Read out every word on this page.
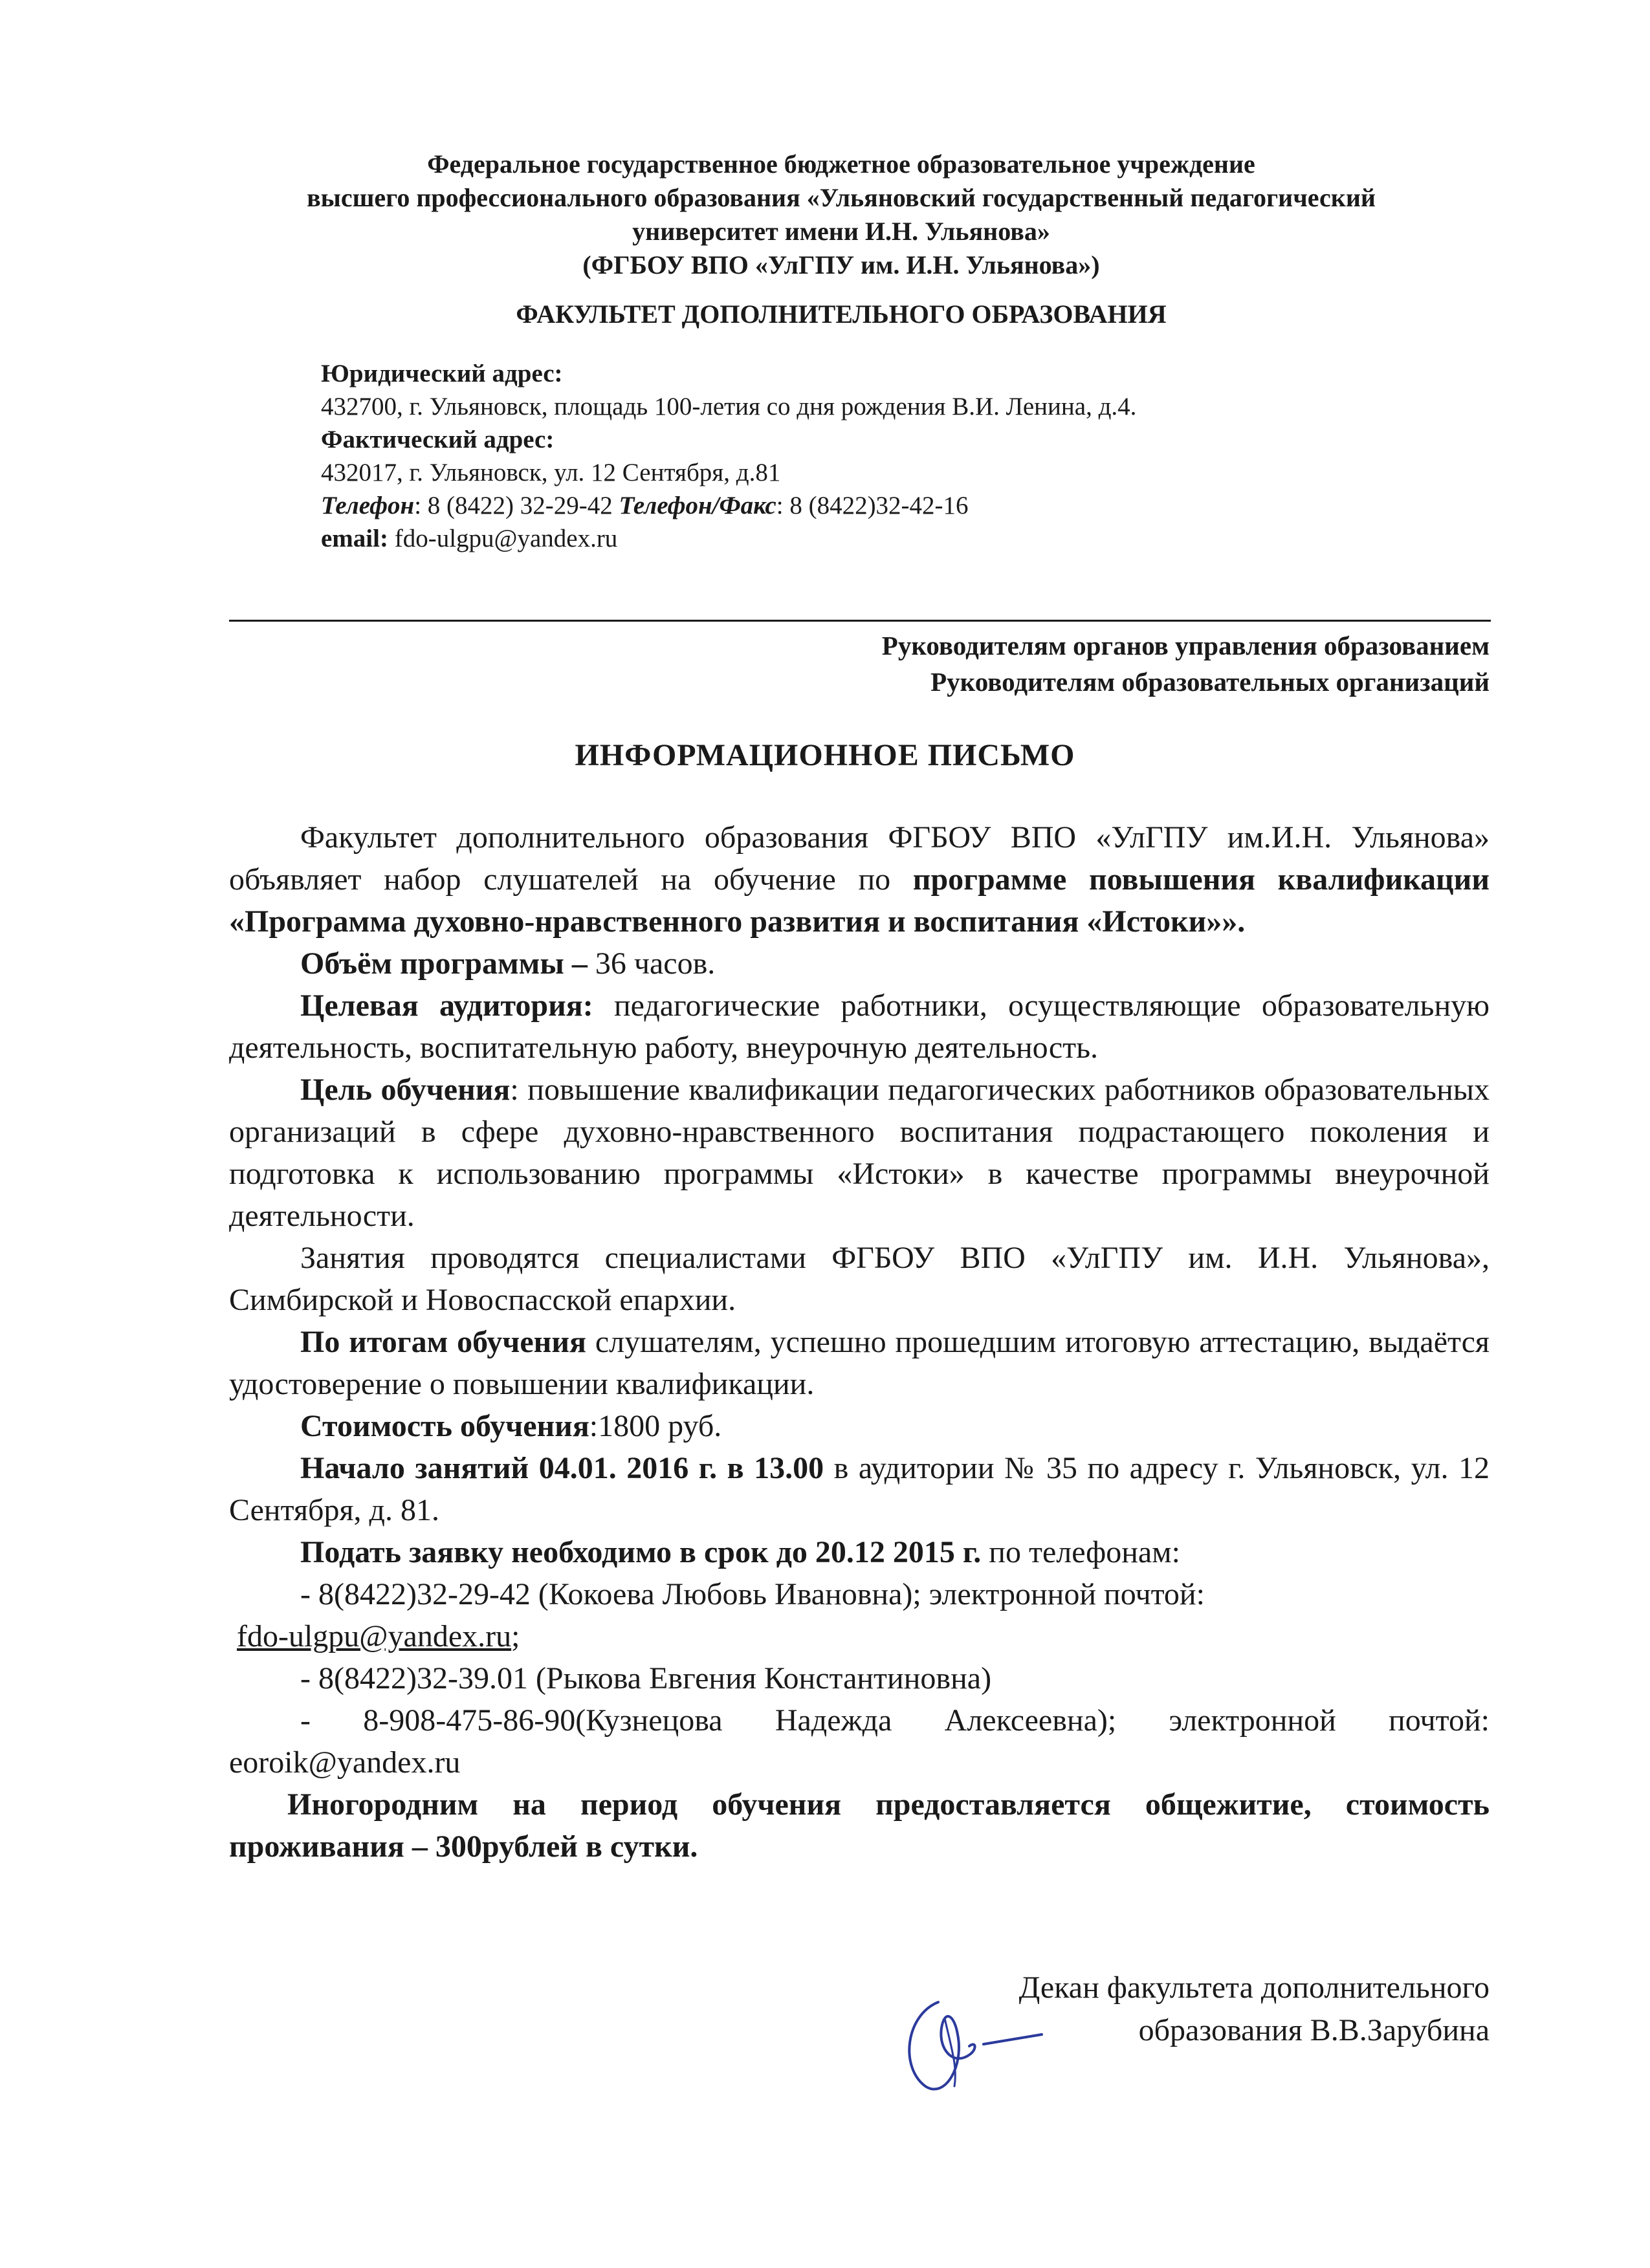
Федеральное государственное бюджетное образовательное учреждение
высшего профессионального образования «Ульяновский государственный педагогический
университет имени И.Н. Ульянова»
(ФГБОУ ВПО «УлГПУ им. И.Н. Ульянова»)
ФАКУЛЬТЕТ ДОПОЛНИТЕЛЬНОГО ОБРАЗОВАНИЯ
Юридический адрес:
432700, г. Ульяновск, площадь 100-летия со дня рождения В.И. Ленина, д.4.
Фактический адрес:
432017, г. Ульяновск, ул. 12 Сентября, д.81
Телефон: 8 (8422) 32-29-42 Телефон/Факс: 8 (8422)32-42-16
email: fdo-ulgpu@yandex.ru
Руководителям органов управления образованием
Руководителям образовательных организаций
ИНФОРМАЦИОННОЕ ПИСЬМО

Факультет дополнительного образования ФГБОУ ВПО «УлГПУ им.И.Н. Ульянова» объявляет набор слушателей на обучение по программе повышения квалификации «Программа духовно-нравственного развития и воспитания «Истоки»».

Объём программы – 36 часов.

Целевая аудитория: педагогические работники, осуществляющие образовательную деятельность, воспитательную работу, внеурочную деятельность.

Цель обучения: повышение квалификации педагогических работников образовательных организаций в сфере духовно-нравственного воспитания подрастающего поколения и подготовка к использованию программы «Истоки» в качестве программы внеурочной деятельности.

Занятия проводятся специалистами ФГБОУ ВПО «УлГПУ им. И.Н. Ульянова», Симбирской и Новоспасской епархии.

По итогам обучения слушателям, успешно прошедшим итоговую аттестацию, выдаётся удостоверение о повышении квалификации.

Стоимость обучения:1800 руб.

Начало занятий 04.01. 2016 г. в 13.00 в аудитории № 35 по адресу г. Ульяновск, ул. 12 Сентября, д. 81.

Подать заявку необходимо в срок до 20.12 2015 г. по телефонам:

- 8(8422)32-29-42 (Кокоева Любовь Ивановна); электронной почтой:

fdo-ulgpu@yandex.ru;

- 8(8422)32-39.01 (Рыкова Евгения Константиновна)

- 8-908-475-86-90(Кузнецова Надежда Алексеевна); электронной почтой: eoroik@yandex.ru

Иногородним на период обучения предоставляется общежитие, стоимость проживания – 300рублей в сутки.

Декан факультета дополнительного
образования В.В.Зарубина
